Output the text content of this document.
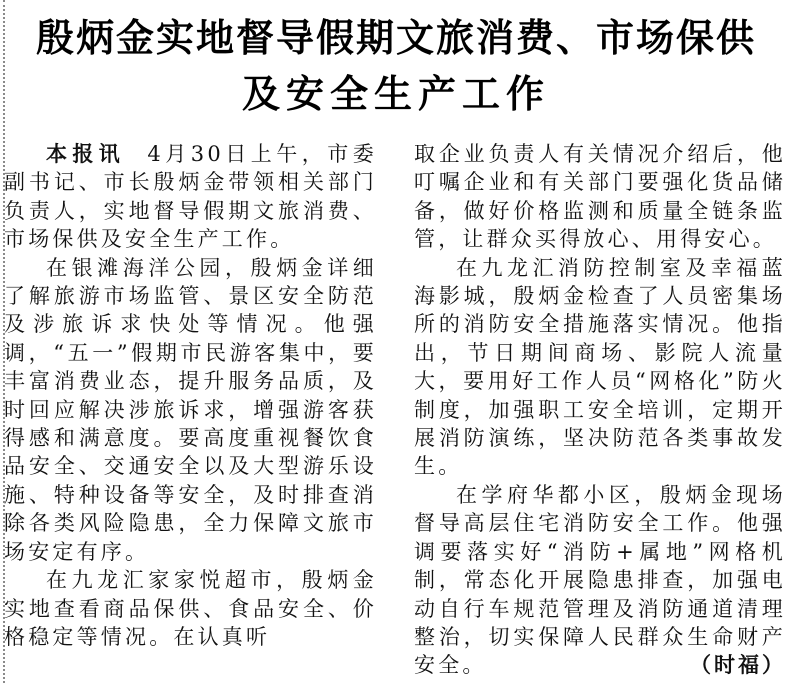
殷炳金实地督导假期文旅消费、市场保供
及安全生产工作

本报讯 4月30日上午，市委副书记、市长殷炳金带领相关部门负责人，实地督导假期文旅消费、市场保供及安全生产工作。

在银滩海洋公园，殷炳金详细了解旅游市场监管、景区安全防范及涉旅诉求快处等情况。他强调，“五一”假期市民游客集中，要丰富消费业态，提升服务品质，及时回应解决涉旅诉求，增强游客获得感和满意度。要高度重视餐饮食品安全、交通安全以及大型游乐设施、特种设备等安全，及时排查消除各类风险隐患，全力保障文旅市场安定有序。

在九龙汇家家悦超市，殷炳金实地查看商品保供、食品安全、价格稳定等情况。在认真听

取企业负责人有关情况介绍后，他叮嘱企业和有关部门要强化货品储备，做好价格监测和质量全链条监管，让群众买得放心、用得安心。

在九龙汇消防控制室及幸福蓝海影城，殷炳金检查了人员密集场所的消防安全措施落实情况。他指出，节日期间商场、影院人流量大，要用好工作人员“网格化”防火制度，加强职工安全培训，定期开展消防演练，坚决防范各类事故发生。

在学府华都小区，殷炳金现场督导高层住宅消防安全工作。他强调要落实好“消防+属地”网格机制，常态化开展隐患排查，加强电动自行车规范管理及消防通道清理整治，切实保障人民群众生命财产安全。	（时福）
